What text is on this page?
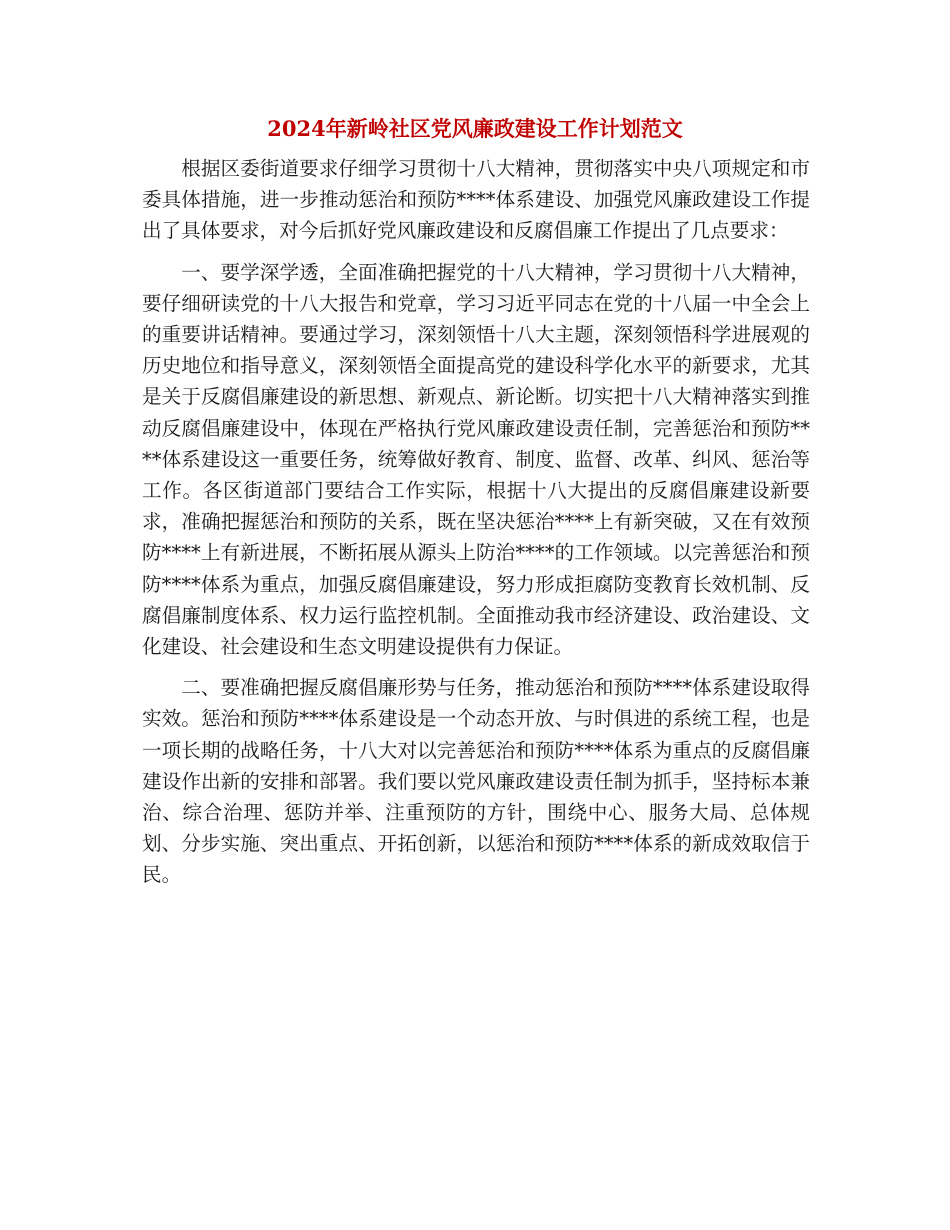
2024年新岭社区党风廉政建设工作计划范文

根据区委街道要求仔细学习贯彻十八大精神，贯彻落实中央八项规定和市委具体措施，进一步推动惩治和预防****体系建设、加强党风廉政建设工作提出了具体要求，对今后抓好党风廉政建设和反腐倡廉工作提出了几点要求：

一、要学深学透，全面准确把握党的十八大精神，学习贯彻十八大精神，要仔细研读党的十八大报告和党章，学习习近平同志在党的十八届一中全会上的重要讲话精神。要通过学习，深刻领悟十八大主题，深刻领悟科学进展观的历史地位和指导意义，深刻领悟全面提高党的建设科学化水平的新要求，尤其是关于反腐倡廉建设的新思想、新观点、新论断。切实把十八大精神落实到推动反腐倡廉建设中，体现在严格执行党风廉政建设责任制，完善惩治和预防****体系建设这一重要任务，统筹做好教育、制度、监督、改革、纠风、惩治等工作。各区街道部门要结合工作实际，根据十八大提出的反腐倡廉建设新要求，准确把握惩治和预防的关系，既在坚决惩治****上有新突破，又在有效预防****上有新进展，不断拓展从源头上防治****的工作领域。以完善惩治和预防****体系为重点，加强反腐倡廉建设，努力形成拒腐防变教育长效机制、反腐倡廉制度体系、权力运行监控机制。全面推动我市经济建设、政治建设、文化建设、社会建设和生态文明建设提供有力保证。

二、要准确把握反腐倡廉形势与任务，推动惩治和预防****体系建设取得实效。惩治和预防****体系建设是一个动态开放、与时俱进的系统工程，也是一项长期的战略任务，十八大对以完善惩治和预防****体系为重点的反腐倡廉建设作出新的安排和部署。我们要以党风廉政建设责任制为抓手，坚持标本兼治、综合治理、惩防并举、注重预防的方针，围绕中心、服务大局、总体规划、分步实施、突出重点、开拓创新，以惩治和预防****体系的新成效取信于民。
